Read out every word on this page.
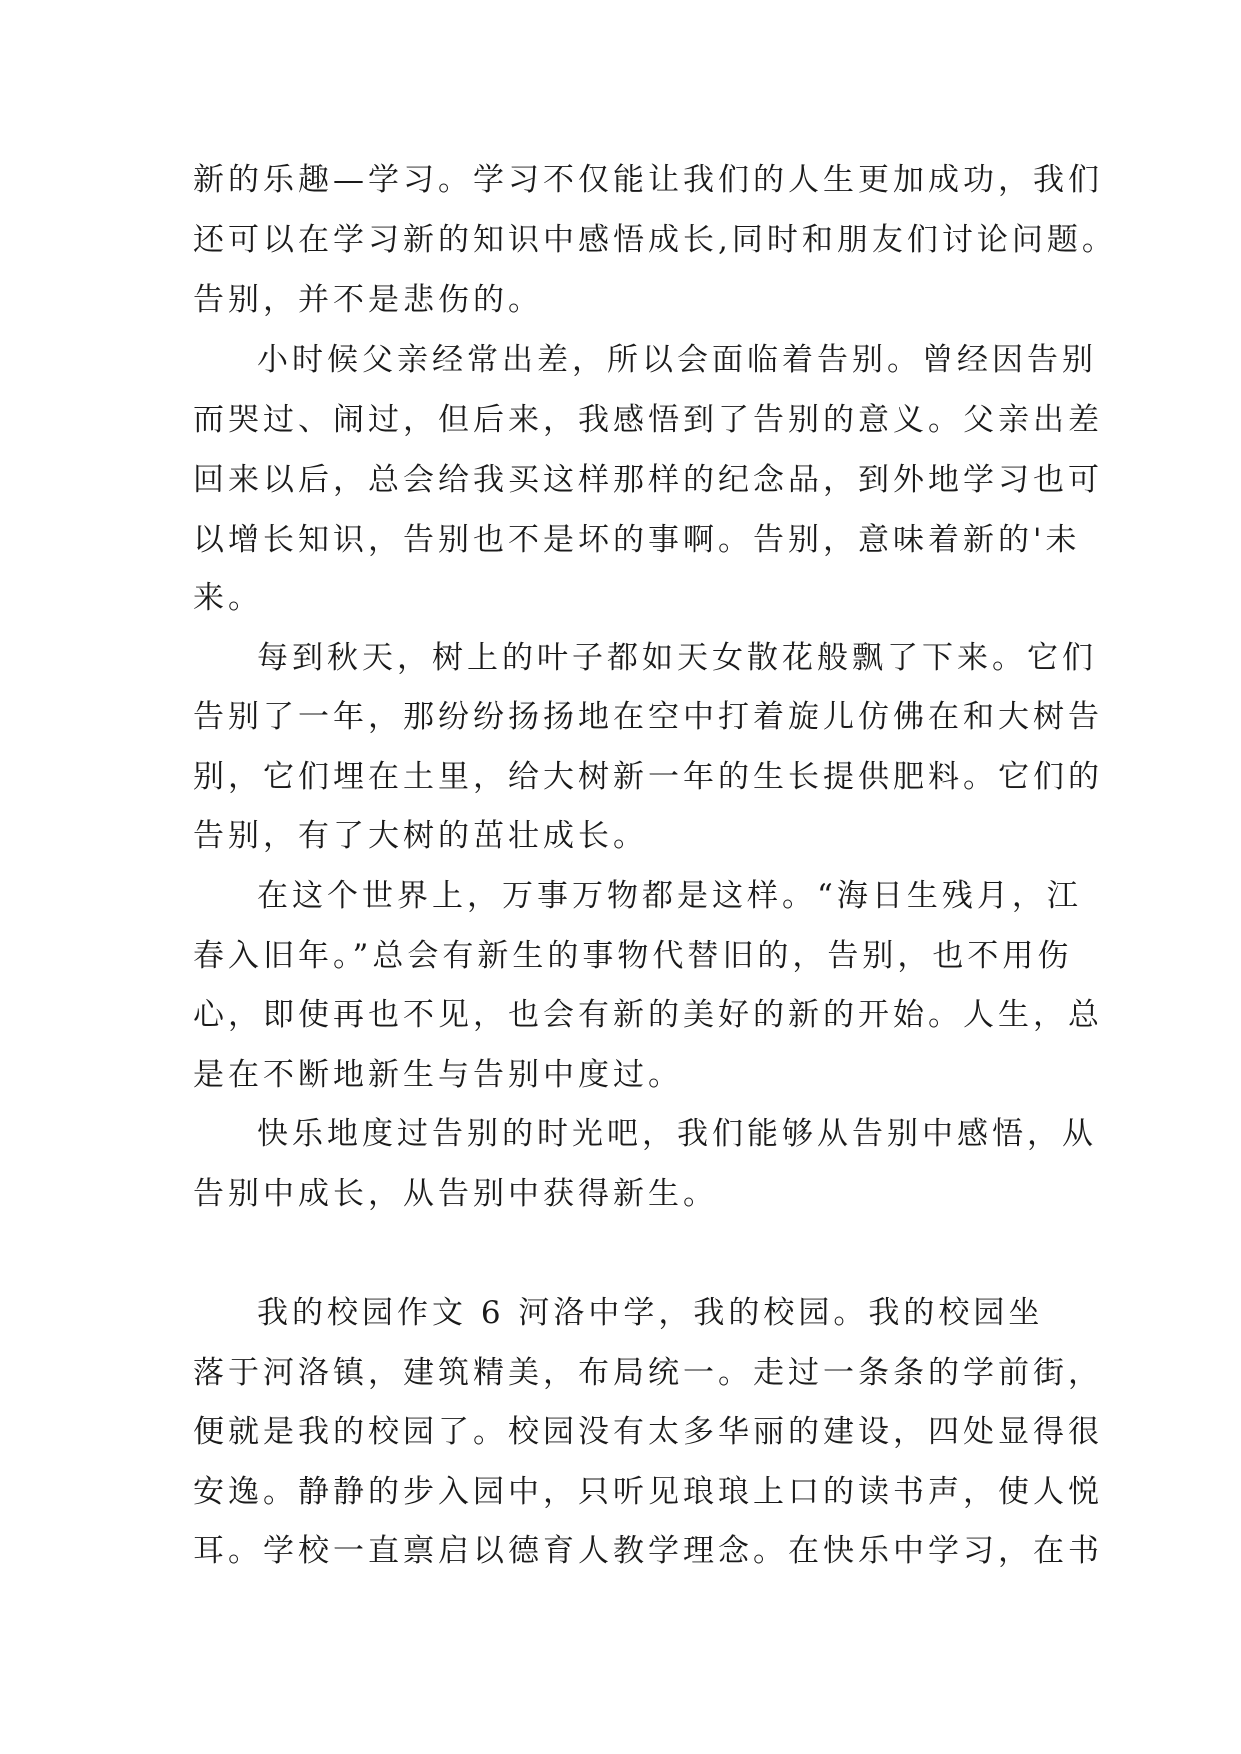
新的乐趣—学习。学习不仅能让我们的人生更加成功，我们
还可以在学习新的知识中感悟成长,同时和朋友们讨论问题。
告别，并不是悲伤的。
小时候父亲经常出差，所以会面临着告别。曾经因告别
而哭过、闹过，但后来，我感悟到了告别的意义。父亲出差
回来以后，总会给我买这样那样的纪念品，到外地学习也可
以增长知识，告别也不是坏的事啊。告别，意味着新的'未
来。
每到秋天，树上的叶子都如天女散花般飘了下来。它们
告别了一年，那纷纷扬扬地在空中打着旋儿仿佛在和大树告
别，它们埋在土里，给大树新一年的生长提供肥料。它们的
告别，有了大树的茁壮成长。
在这个世界上，万事万物都是这样。“海日生残月，江
春入旧年。”总会有新生的事物代替旧的，告别，也不用伤
心，即使再也不见，也会有新的美好的新的开始。人生，总
是在不断地新生与告别中度过。
快乐地度过告别的时光吧，我们能够从告别中感悟，从
告别中成长，从告别中获得新生。
我的校园作文 6 河洛中学，我的校园。我的校园坐
落于河洛镇，建筑精美，布局统一。走过一条条的学前街，
便就是我的校园了。校园没有太多华丽的建设，四处显得很
安逸。静静的步入园中，只听见琅琅上口的读书声，使人悦
耳。学校一直禀启以德育人教学理念。在快乐中学习，在书
